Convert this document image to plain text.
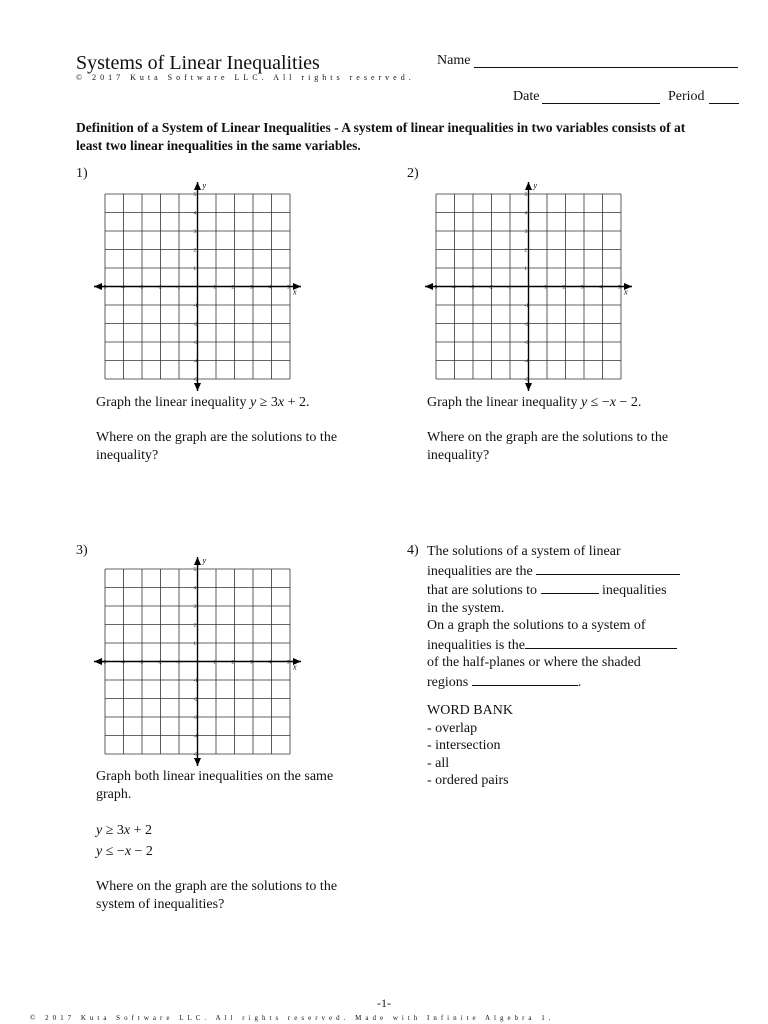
Systems of Linear Inequalities
© 2017 Kuta Software LLC. All rights reserved.
Name
Date	Period
Definition of a System of Linear Inequalities - A system of linear inequalities in two variables consists of at least two linear inequalities in the same variables.
1)
x
y
-5	-4	-3	-2	-1	1	2	3	4	5
5
4
3
2
1
-1
-2
-3
-4
-5
Graph the linear inequality y ≥ 3x + 2.
Where on the graph are the solutions to the inequality?
2)
x
y
-5	-4	-3	-2	-1	1	2	3	4	5
5
4
3
2
1
-1
-2
-3
-4
-5
Graph the linear inequality y ≤ −x − 2.
Where on the graph are the solutions to the inequality?
3)
x
y
-5	-4	-3	-2	-1	1	2	3	4	5
5
4
3
2
1
-1
-2
-3
-4
-5
Graph both linear inequalities on the same graph.
y ≥ 3x + 2
y ≤ −x − 2
Where on the graph are the solutions to the system of inequalities?
4) The solutions of a system of linear
inequalities are the
that are solutions to	inequalities
in the system.
On a graph the solutions to a system of
inequalities is the
of the half-planes or where the shaded
regions	.
WORD BANK
- overlap
- intersection
- all
- ordered pairs
-1-
© 2017 Kuta Software LLC. All rights reserved. Made with Infinite Algebra 1.
